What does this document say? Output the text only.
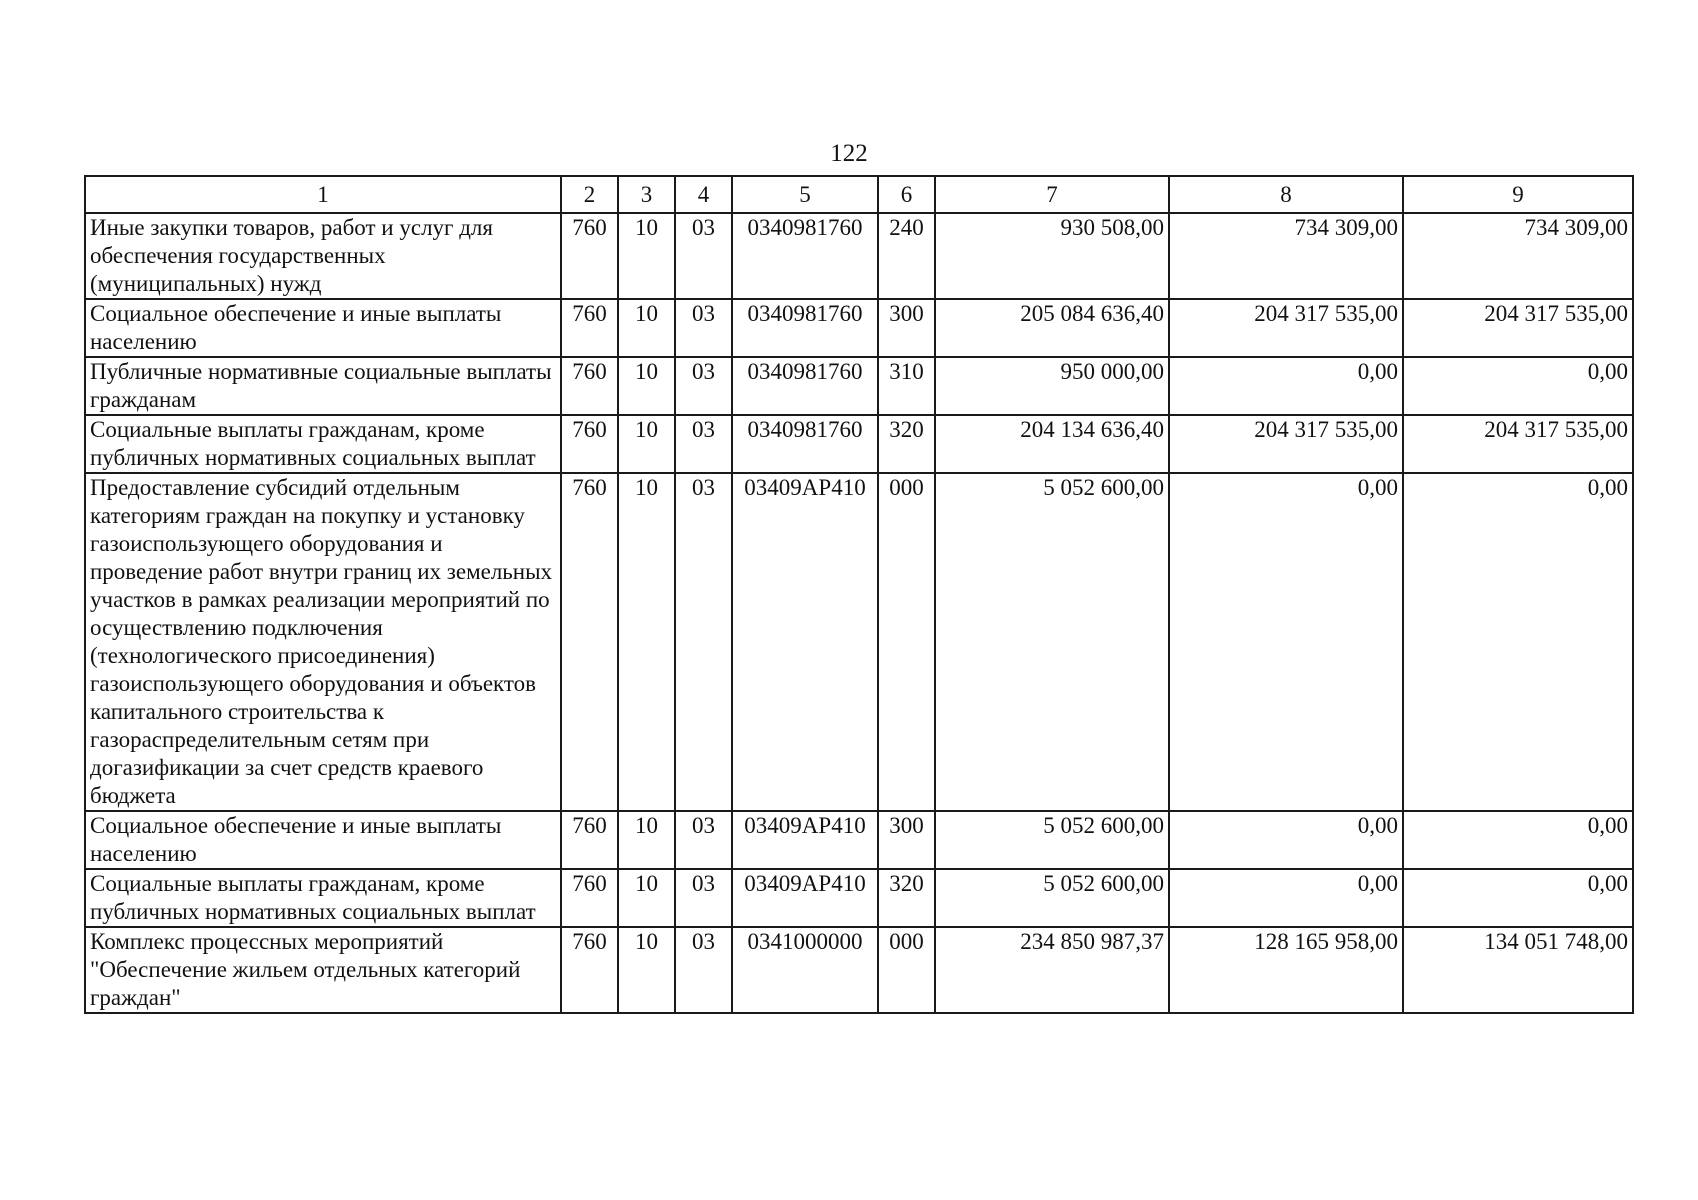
122
1	2	3	4	5	6	7	8	9
Иные закупки товаров, работ и услуг для обеспечения государственных (муниципальных) нужд	760	10	03	0340981760	240	930 508,00	734 309,00	734 309,00
Социальное обеспечение и иные выплаты населению	760	10	03	0340981760	300	205 084 636,40	204 317 535,00	204 317 535,00
Публичные нормативные социальные выплаты гражданам	760	10	03	0340981760	310	950 000,00	0,00	0,00
Социальные выплаты гражданам, кроме публичных нормативных социальных выплат	760	10	03	0340981760	320	204 134 636,40	204 317 535,00	204 317 535,00
Предоставление субсидий отдельным категориям граждан на покупку и установку газоиспользующего оборудования и проведение работ внутри границ их земельных участков в рамках реализации мероприятий по осуществлению подключения (технологического присоединения) газоиспользующего оборудования и объектов капитального строительства к газораспределительным сетям при догазификации за счет средств краевого бюджета	760	10	03	03409AP410	000	5 052 600,00	0,00	0,00
Социальное обеспечение и иные выплаты населению	760	10	03	03409AP410	300	5 052 600,00	0,00	0,00
Социальные выплаты гражданам, кроме публичных нормативных социальных выплат	760	10	03	03409AP410	320	5 052 600,00	0,00	0,00
Комплекс процессных мероприятий "Обеспечение жильем отдельных категорий граждан"	760	10	03	0341000000	000	234 850 987,37	128 165 958,00	134 051 748,00
